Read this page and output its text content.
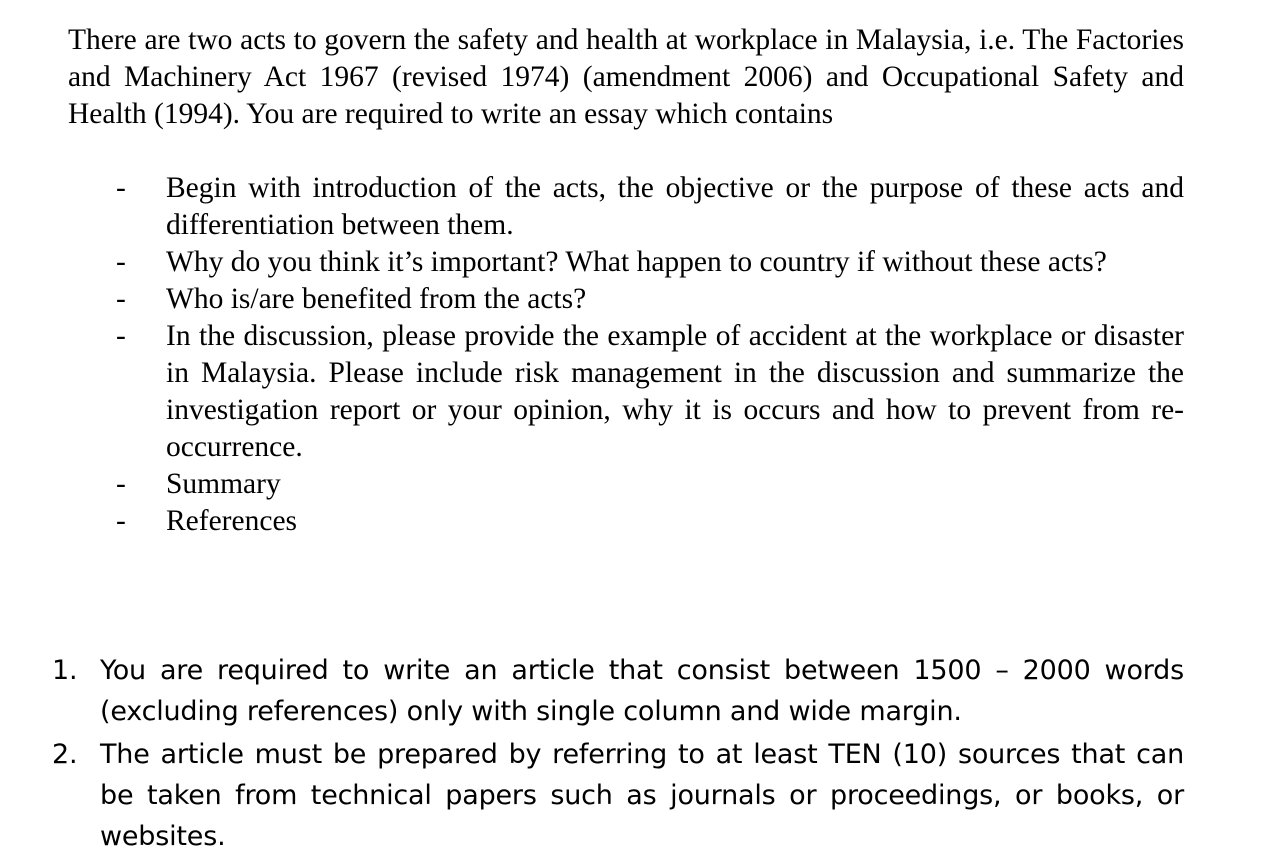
There are two acts to govern the safety and health at workplace in Malaysia, i.e. The Factories and Machinery Act 1967 (revised 1974) (amendment 2006) and Occupational Safety and Health (1994). You are required to write an essay which contains

- Begin with introduction of the acts, the objective or the purpose of these acts and differentiation between them.
- Why do you think it’s important? What happen to country if without these acts?
- Who is/are benefited from the acts?
- In the discussion, please provide the example of accident at the workplace or disaster in Malaysia. Please include risk management in the discussion and summarize the investigation report or your opinion, why it is occurs and how to prevent from re-occurrence.
- Summary
- References
1. You are required to write an article that consist between 1500 – 2000 words (excluding references) only with single column and wide margin.
2. The article must be prepared by referring to at least TEN (10) sources that can be taken from technical papers such as journals or proceedings, or books, or websites.
